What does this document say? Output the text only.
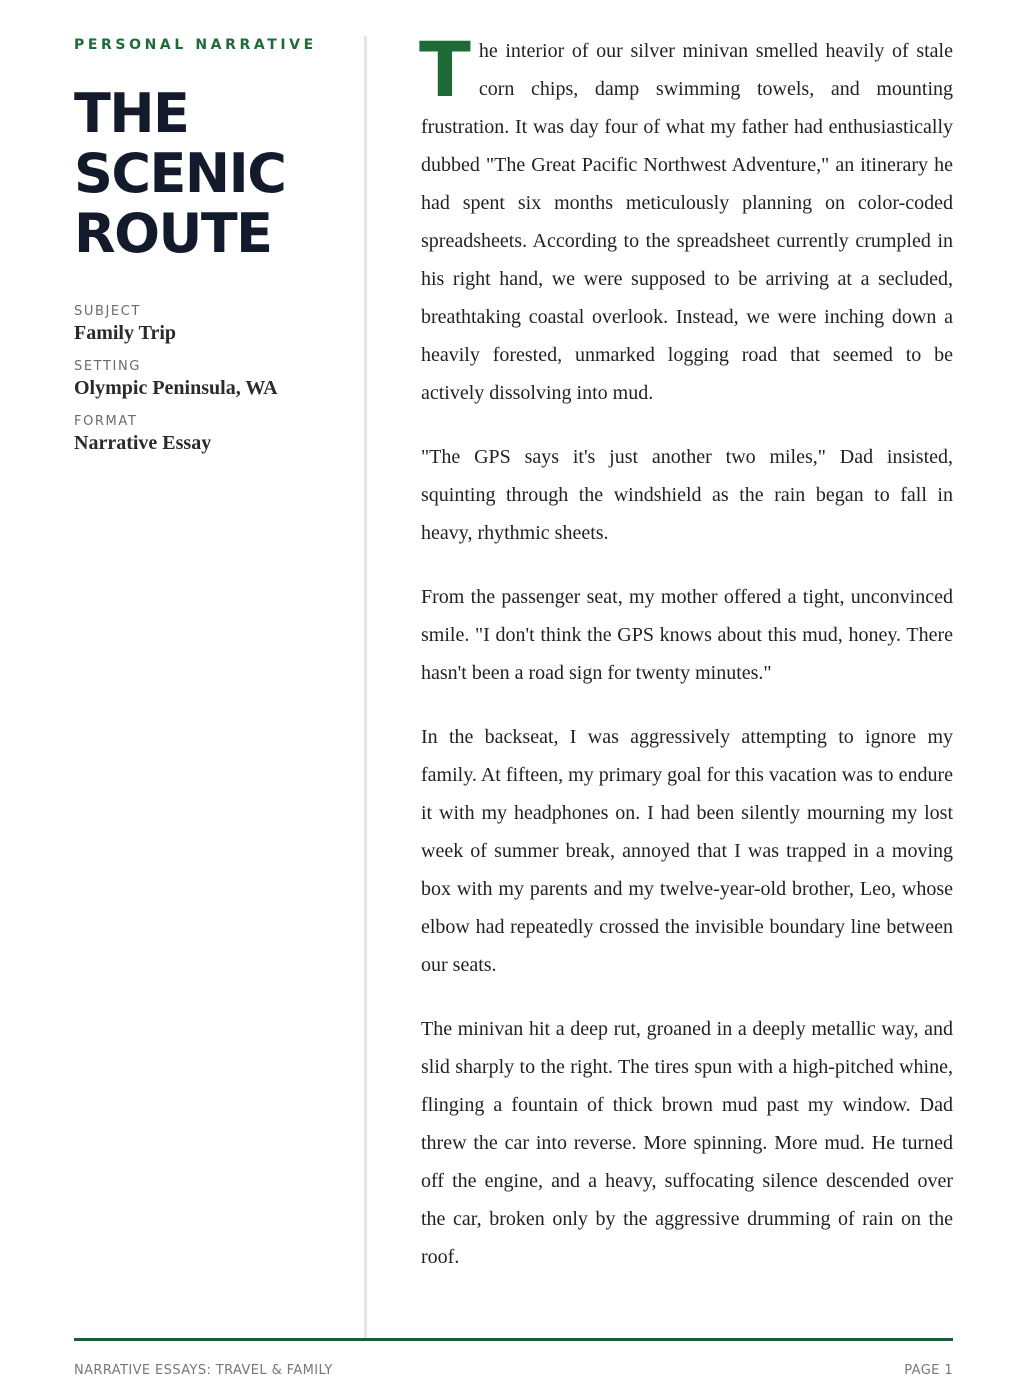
PERSONAL NARRATIVE

THE
SCENIC
ROUTE
SUBJECT
Family Trip
SETTING
Olympic Peninsula, WA
FORMAT
Narrative Essay

The interior of our silver minivan smelled heavily of stale corn chips, damp swimming towels, and mounting frustration. It was day four of what my father had enthusiastically dubbed "The Great Pacific Northwest Adventure," an itinerary he had spent six months meticulously planning on color-coded spreadsheets. According to the spreadsheet currently crumpled in his right hand, we were supposed to be arriving at a secluded, breathtaking coastal overlook. Instead, we were inching down a heavily forested, unmarked logging road that seemed to be actively dissolving into mud.

"The GPS says it's just another two miles," Dad insisted, squinting through the windshield as the rain began to fall in heavy, rhythmic sheets.

From the passenger seat, my mother offered a tight, unconvinced smile. "I don't think the GPS knows about this mud, honey. There hasn't been a road sign for twenty minutes."

In the backseat, I was aggressively attempting to ignore my family. At fifteen, my primary goal for this vacation was to endure it with my headphones on. I had been silently mourning my lost week of summer break, annoyed that I was trapped in a moving box with my parents and my twelve-year-old brother, Leo, whose elbow had repeatedly crossed the invisible boundary line between our seats.

The minivan hit a deep rut, groaned in a deeply metallic way, and slid sharply to the right. The tires spun with a high-pitched whine, flinging a fountain of thick brown mud past my window. Dad threw the car into reverse. More spinning. More mud. He turned off the engine, and a heavy, suffocating silence descended over the car, broken only by the aggressive drumming of rain on the roof.

NARRATIVE ESSAYS: TRAVEL & FAMILY	PAGE 1
